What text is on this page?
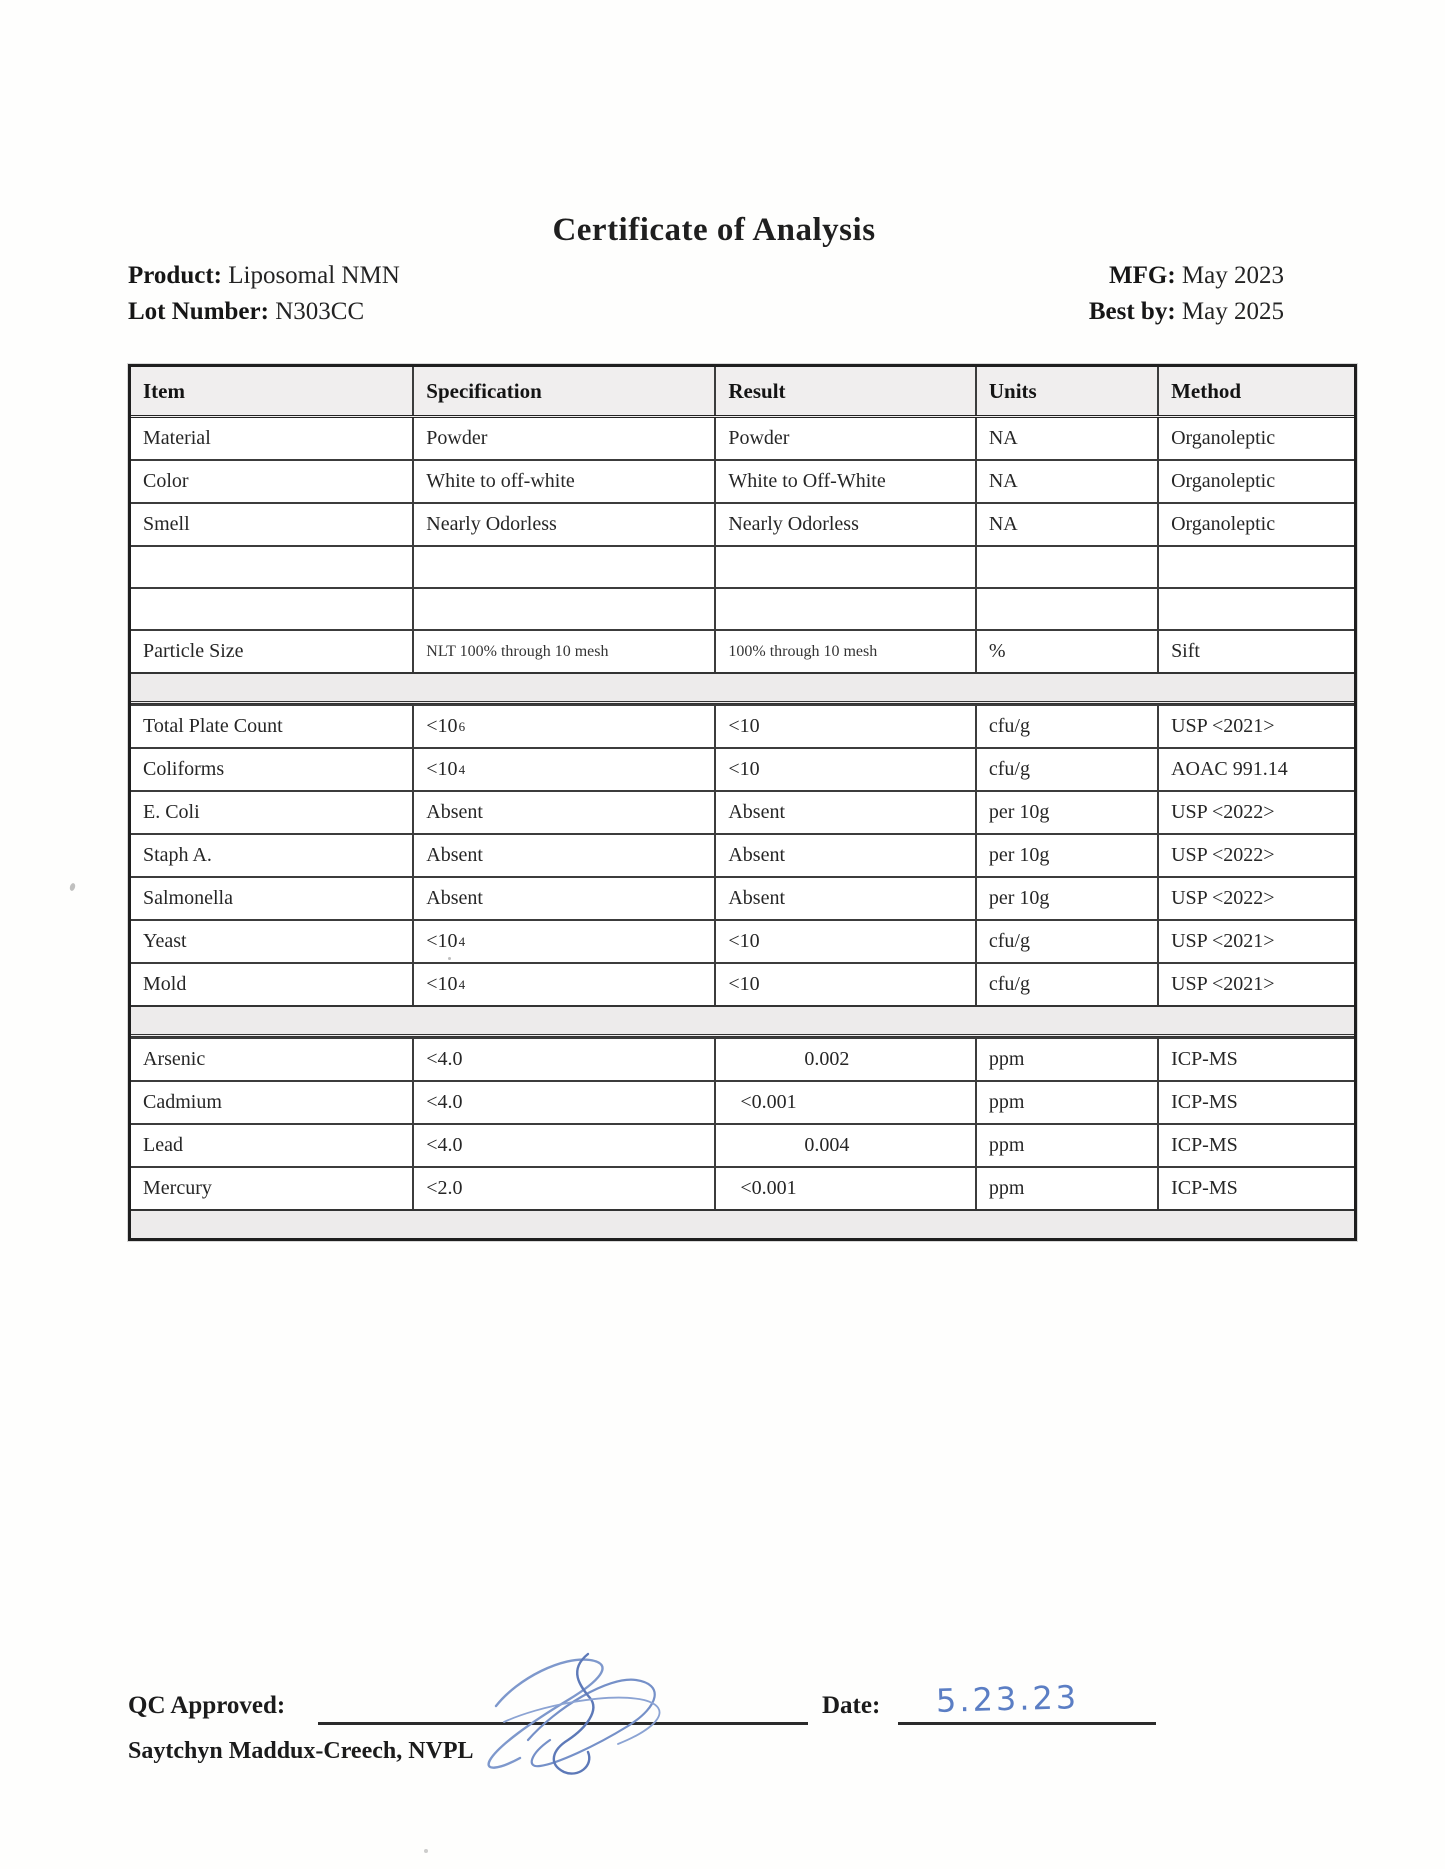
Certificate of Analysis
Product: Liposomal NMN
Lot Number: N303CC
MFG: May 2023
Best by: May 2025
Item	Specification	Result	Units	Method
Material	Powder	Powder	NA	Organoleptic
Color	White to off-white	White to Off-White	NA	Organoleptic
Smell	Nearly Odorless	Nearly Odorless	NA	Organoleptic
Particle Size	NLT 100% through 10 mesh	100% through 10 mesh	%	Sift
Total Plate Count	<10 6	<10	cfu/g	USP <2021>
Coliforms	<10 4	<10	cfu/g	AOAC 991.14
E. Coli	Absent	Absent	per 10g	USP <2022>
Staph A.	Absent	Absent	per 10g	USP <2022>
Salmonella	Absent	Absent	per 10g	USP <2022>
Yeast	<10 4	<10	cfu/g	USP <2021>
Mold	<10 4	<10	cfu/g	USP <2021>
Arsenic	<4.0	0.002	ppm	ICP-MS
Cadmium	<4.0	<0.001	ppm	ICP-MS
Lead	<4.0	0.004	ppm	ICP-MS
Mercury	<2.0	<0.001	ppm	ICP-MS
QC Approved:
Saytchyn Maddux-Creech, NVPL
Date: 5.23.23
